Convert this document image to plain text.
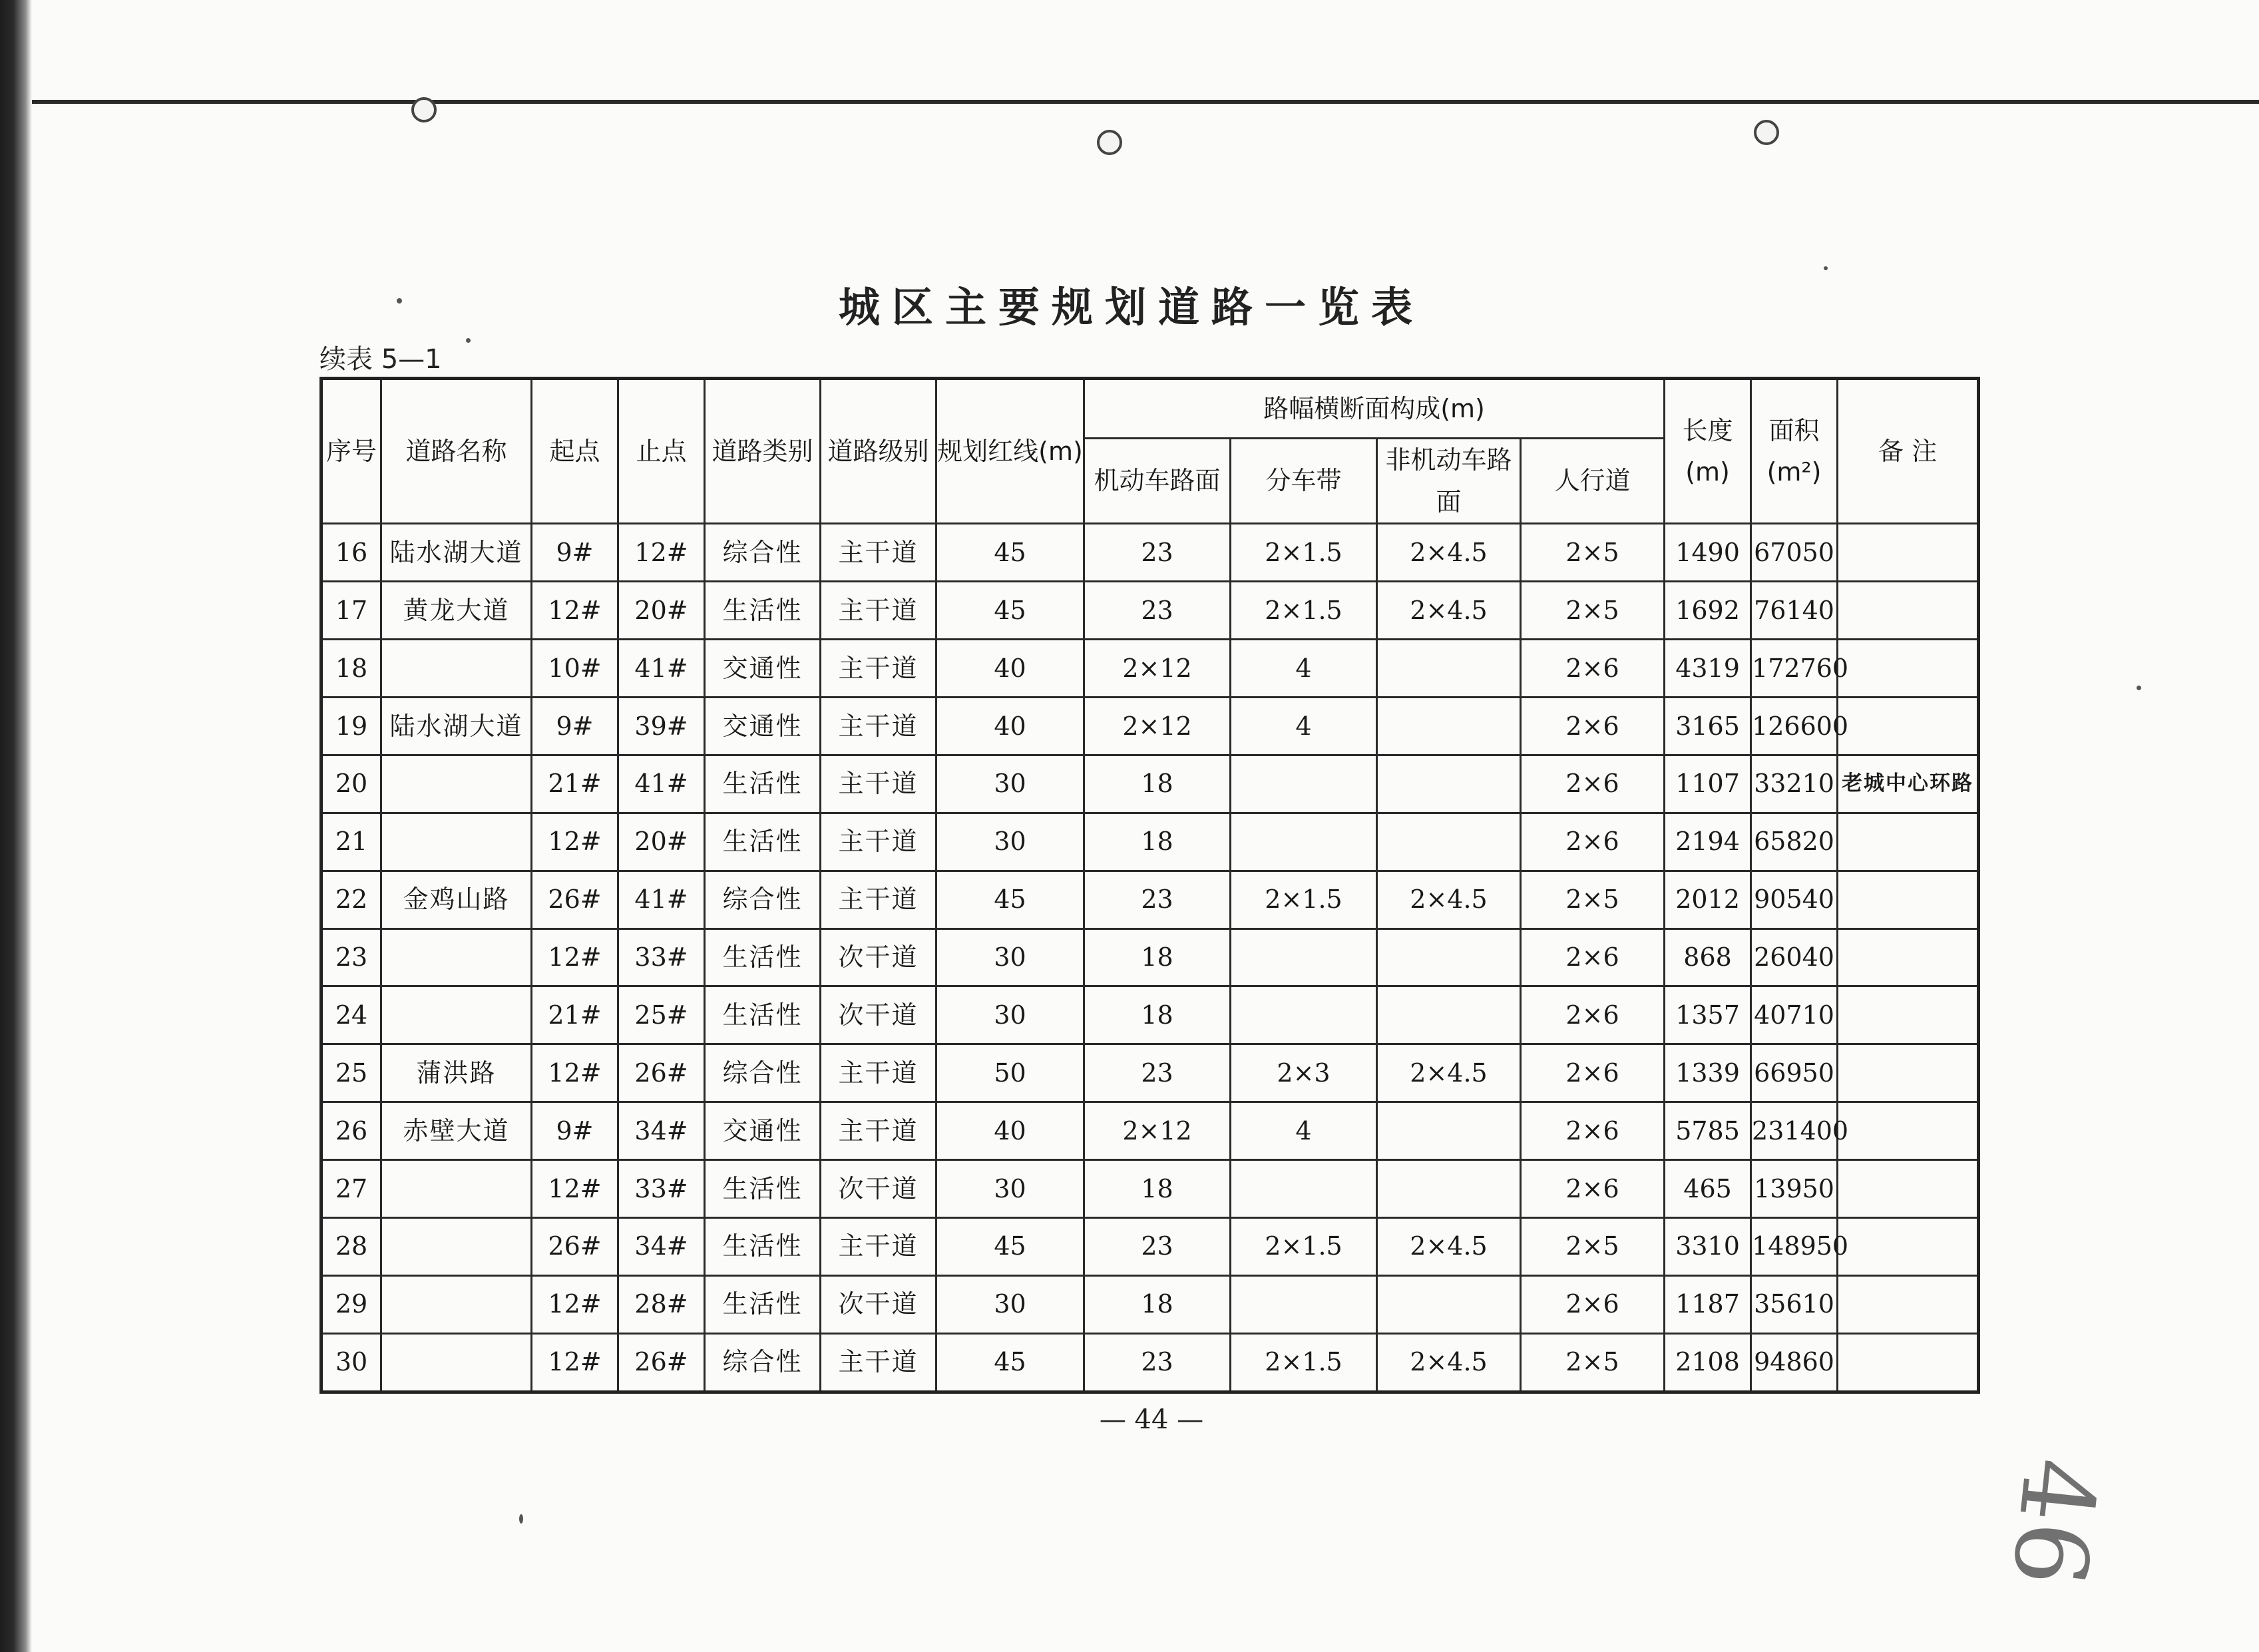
城区主要规划道路一览表
续表 5—1
序号	道路名称	起点	止点	道路类别	道路级别	规划红线(m)	路幅横断面构成(m)				长度(m)	面积(m²)	备 注
							机动车路面	分车带	非机动车路面	人行道			
16	陆水湖大道	9#	12#	综合性	主干道	45	23	2×1.5	2×4.5	2×5	1490	67050	
17	黄龙大道	12#	20#	生活性	主干道	45	23	2×1.5	2×4.5	2×5	1692	76140	
18		10#	41#	交通性	主干道	40	2×12	4		2×6	4319	172760	
19	陆水湖大道	9#	39#	交通性	主干道	40	2×12	4		2×6	3165	126600	
20		21#	41#	生活性	主干道	30	18			2×6	1107	33210	老城中心环路
21		12#	20#	生活性	主干道	30	18			2×6	2194	65820	
22	金鸡山路	26#	41#	综合性	主干道	45	23	2×1.5	2×4.5	2×5	2012	90540	
23		12#	33#	生活性	次干道	30	18			2×6	868	26040	
24		21#	25#	生活性	次干道	30	18			2×6	1357	40710	
25	蒲洪路	12#	26#	综合性	主干道	50	23	2×3	2×4.5	2×6	1339	66950	
26	赤壁大道	9#	34#	交通性	主干道	40	2×12	4		2×6	5785	231400	
27		12#	33#	生活性	次干道	30	18			2×6	465	13950	
28		26#	34#	生活性	主干道	45	23	2×1.5	2×4.5	2×5	3310	148950	
29		12#	28#	生活性	次干道	30	18			2×6	1187	35610	
30		12#	26#	综合性	主干道	45	23	2×1.5	2×4.5	2×5	2108	94860	
— 44 —
46
